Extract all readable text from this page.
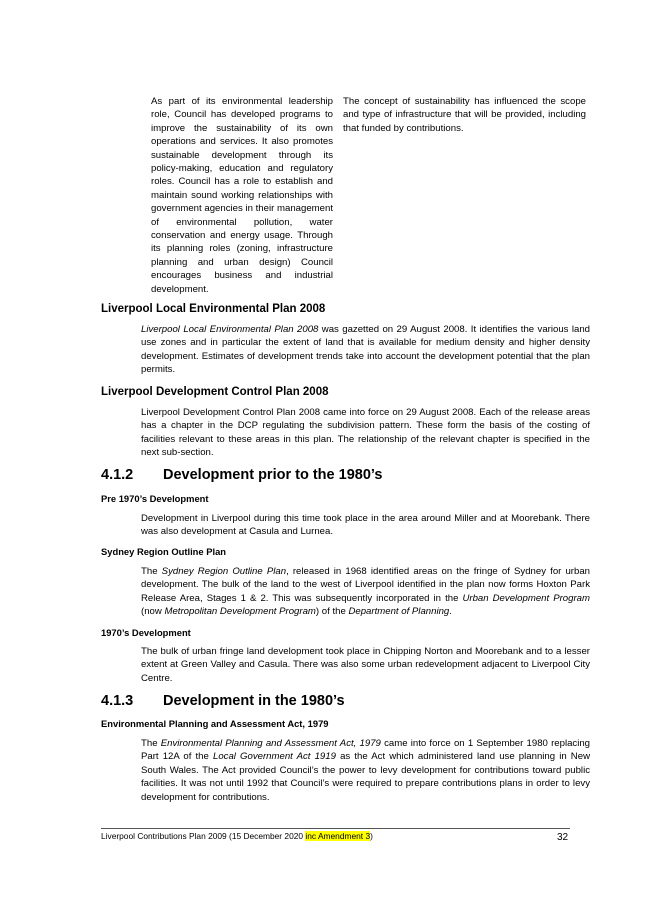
As part of its environmental leadership role, Council has developed programs to improve the sustainability of its own operations and services. It also promotes sustainable development through its policy-making, education and regulatory roles. Council has a role to establish and maintain sound working relationships with government agencies in their management of environmental pollution, water conservation and energy usage. Through its planning roles (zoning, infrastructure planning and urban design) Council encourages business and industrial development.
The concept of sustainability has influenced the scope and type of infrastructure that will be provided, including that funded by contributions.
Liverpool Local Environmental Plan 2008
Liverpool Local Environmental Plan 2008 was gazetted on 29 August 2008. It identifies the various land use zones and in particular the extent of land that is available for medium density and higher density development. Estimates of development trends take into account the development potential that the plan permits.
Liverpool Development Control Plan 2008
Liverpool Development Control Plan 2008 came into force on 29 August 2008. Each of the release areas has a chapter in the DCP regulating the subdivision pattern. These form the basis of the costing of facilities relevant to these areas in this plan. The relationship of the relevant chapter is specified in the next sub-section.
4.1.2 Development prior to the 1980’s
Pre 1970’s Development
Development in Liverpool during this time took place in the area around Miller and at Moorebank. There was also development at Casula and Lurnea.
Sydney Region Outline Plan
The Sydney Region Outline Plan, released in 1968 identified areas on the fringe of Sydney for urban development. The bulk of the land to the west of Liverpool identified in the plan now forms Hoxton Park Release Area, Stages 1 & 2. This was subsequently incorporated in the Urban Development Program (now Metropolitan Development Program) of the Department of Planning.
1970’s Development
The bulk of urban fringe land development took place in Chipping Norton and Moorebank and to a lesser extent at Green Valley and Casula. There was also some urban redevelopment adjacent to Liverpool City Centre.
4.1.3 Development in the 1980’s
Environmental Planning and Assessment Act, 1979
The Environmental Planning and Assessment Act, 1979 came into force on 1 September 1980 replacing Part 12A of the Local Government Act 1919 as the Act which administered land use planning in New South Wales. The Act provided Council’s the power to levy development for contributions toward public facilities. It was not until 1992 that Council’s were required to prepare contributions plans in order to levy development for contributions.
Liverpool Contributions Plan 2009 (15 December 2020 inc Amendment 3)	32
